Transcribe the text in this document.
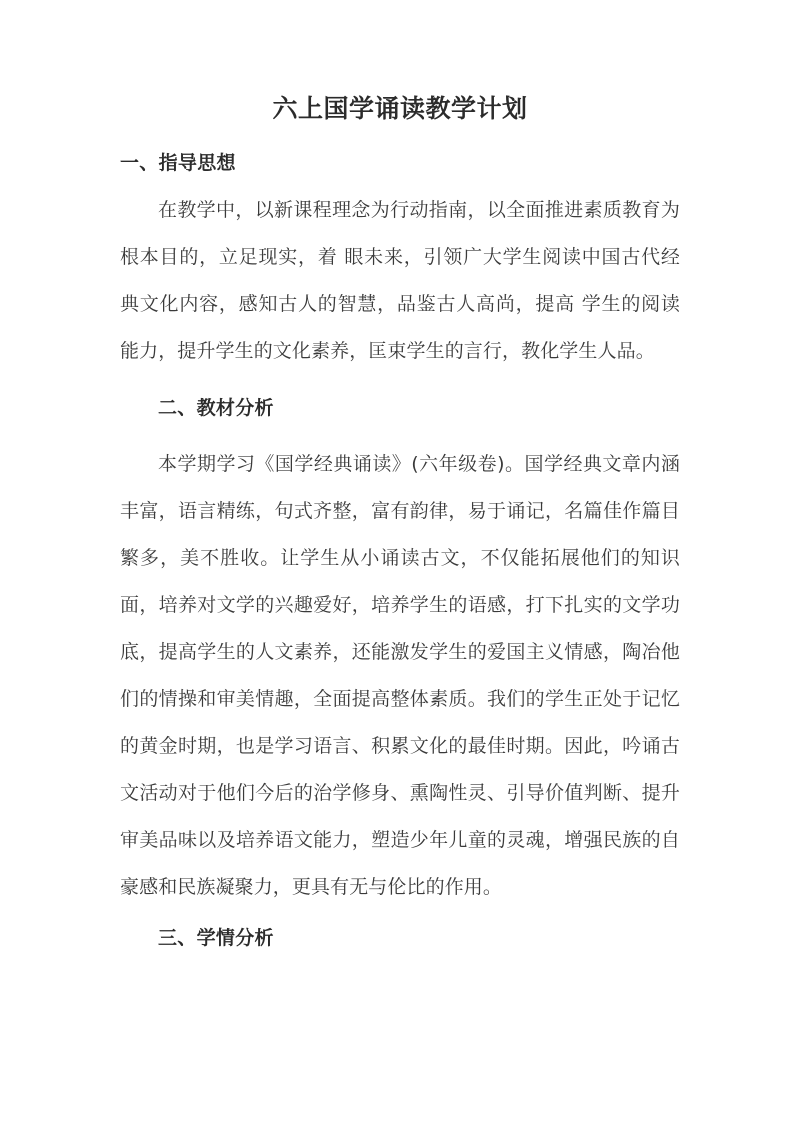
六上国学诵读教学计划
一、指导思想

在教学中，以新课程理念为行动指南，以全面推进素质教育为根本目的，立足现实，着 眼未来，引领广大学生阅读中国古代经典文化内容，感知古人的智慧，品鉴古人高尚，提高 学生的阅读能力，提升学生的文化素养，匡束学生的言行，教化学生人品。

二、教材分析

本学期学习《国学经典诵读》(六年级卷)。国学经典文章内涵丰富，语言精练，句式齐整，富有韵律，易于诵记，名篇佳作篇目繁多，美不胜收。让学生从小诵读古文，不仅能拓展他们的知识面，培养对文学的兴趣爱好，培养学生的语感，打下扎实的文学功底，提高学生的人文素养，还能激发学生的爱国主义情感，陶冶他们的情操和审美情趣，全面提高整体素质。我们的学生正处于记忆的黄金时期，也是学习语言、积累文化的最佳时期。因此，吟诵古文活动对于他们今后的治学修身、熏陶性灵、引导价值判断、提升审美品味以及培养语文能力，塑造少年儿童的灵魂，增强民族的自豪感和民族凝聚力，更具有无与伦比的作用。

三、学情分析
